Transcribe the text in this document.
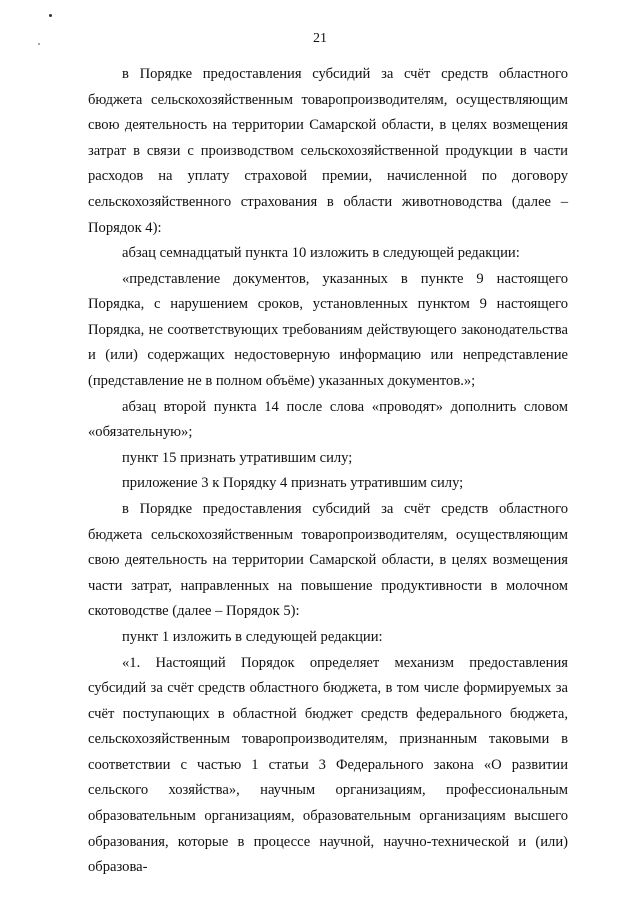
21

в Порядке предоставления субсидий за счёт средств областного бюджета сельскохозяйственным товаропроизводителям, осуществляющим свою деятельность на территории Самарской области, в целях возмещения затрат в связи с производством сельскохозяйственной продукции в части расходов на уплату страховой премии, начисленной по договору сельскохозяйственного страхования в области животноводства (далее – Порядок 4):

абзац семнадцатый пункта 10 изложить в следующей редакции:

«представление документов, указанных в пункте 9 настоящего Порядка, с нарушением сроков, установленных пунктом 9 настоящего Порядка, не соответствующих требованиям действующего законодательства и (или) содержащих недостоверную информацию или непредставление (представление не в полном объёме) указанных документов.»;

абзац второй пункта 14 после слова «проводят» дополнить словом «обязательную»;

пункт 15 признать утратившим силу;

приложение 3 к Порядку 4 признать утратившим силу;

в Порядке предоставления субсидий за счёт средств областного бюджета сельскохозяйственным товаропроизводителям, осуществляющим свою деятельность на территории Самарской области, в целях возмещения части затрат, направленных на повышение продуктивности в молочном скотоводстве (далее – Порядок 5):

пункт 1 изложить в следующей редакции:

«1. Настоящий Порядок определяет механизм предоставления субсидий за счёт средств областного бюджета, в том числе формируемых за счёт поступающих в областной бюджет средств федерального бюджета, сельскохозяйственным товаропроизводителям, признанным таковыми в соответствии с частью 1 статьи 3 Федерального закона «О развитии сельского хозяйства», научным организациям, профессиональным образовательным организациям, образовательным организациям высшего образования, которые в процессе научной, научно-технической и (или) образова-
